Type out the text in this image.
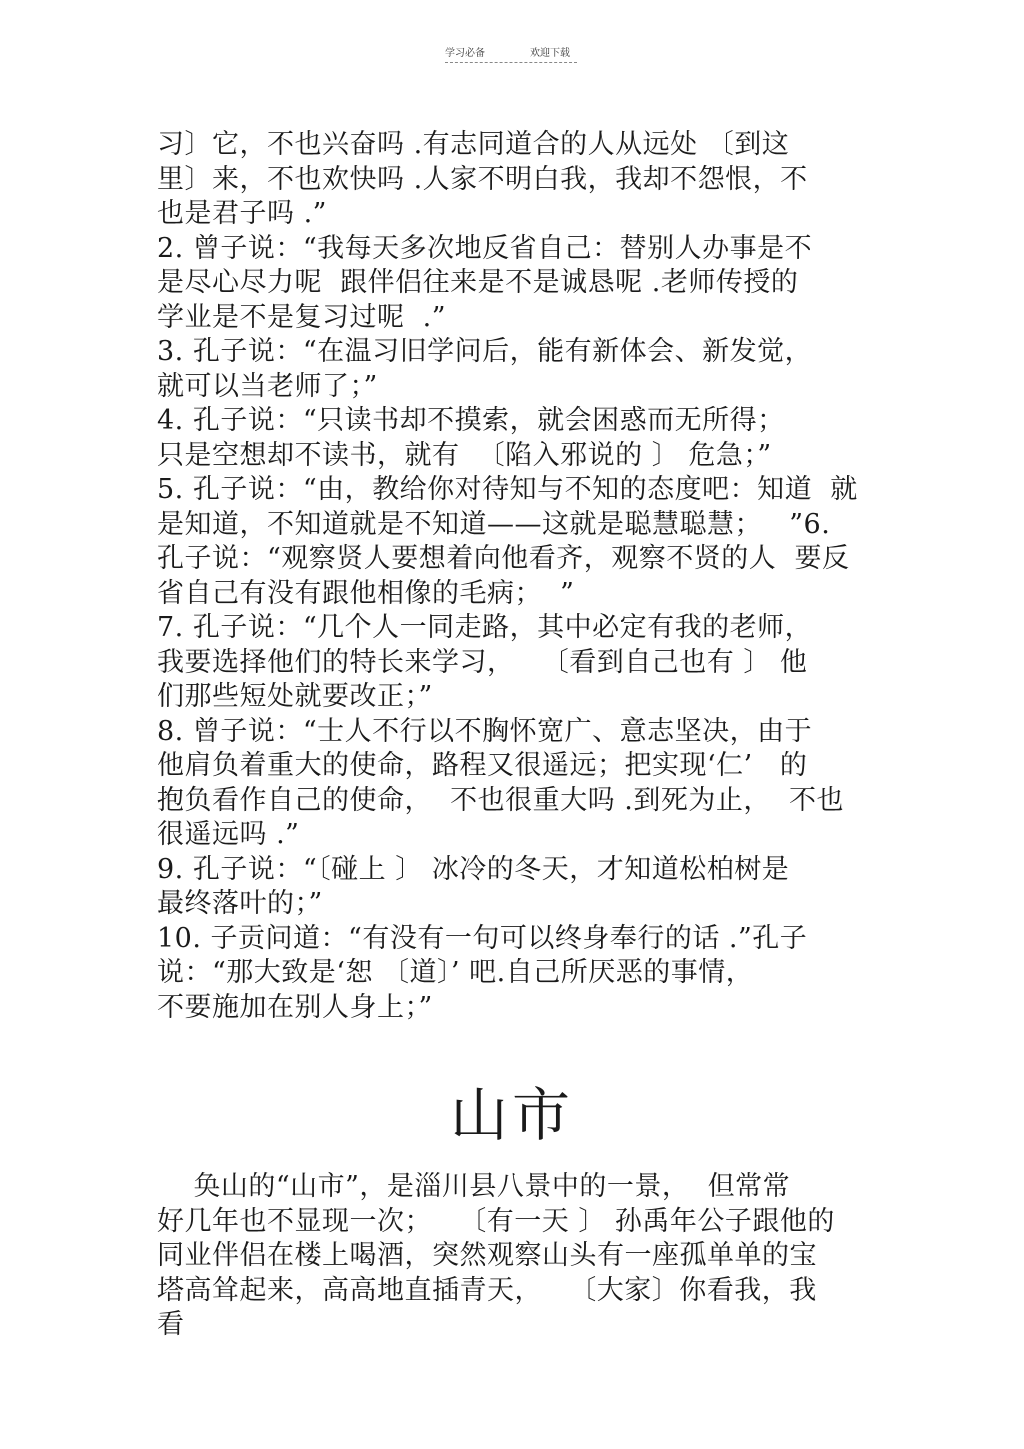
学习必备	欢迎下载
习〕它，不也兴奋吗 .有志同道合的人从远处 〔到这
里〕来，不也欢快吗 .人家不明白我，我却不怨恨，不
也是君子吗 .”
2. 曾子说：“我每天多次地反省自己：替别人办事是不
是尽心尽力呢  跟伴侣往来是不是诚恳呢 .老师传授的
学业是不是复习过呢  .”
3. 孔子说：“在温习旧学问后，能有新体会、新发觉，
就可以当老师了；”
4. 孔子说：“只读书却不摸索，就会困惑而无所得；
只是空想却不读书，就有  〔陷入邪说的 〕 危急；”
5. 孔子说：“由，教给你对待知与不知的态度吧：知道  就
是知道，不知道就是不知道——这就是聪慧聪慧；   ”6.
孔子说：“观察贤人要想着向他看齐，观察不贤的人  要反
省自己有没有跟他相像的毛病；  ”
7. 孔子说：“几个人一同走路，其中必定有我的老师，
我要选择他们的特长来学习，   〔看到自己也有 〕 他
们那些短处就要改正；”
8. 曾子说：“士人不行以不胸怀宽广、意志坚决，由于
他肩负着重大的使命，路程又很遥远；把实现‘仁’   的
抱负看作自己的使命，  不也很重大吗 .到死为止，  不也
很遥远吗 .”
9. 孔子说：“〔碰上 〕 冰冷的冬天，才知道松柏树是
最终落叶的；”
10. 子贡问道：“有没有一句可以终身奉行的话 .”孔子
说：“那大致是‘恕 〔道〕’ 吧.自己所厌恶的事情，
不要施加在别人身上；”
山市
奂山的“山市”，是淄川县八景中的一景，  但常常
好几年也不显现一次；   〔有一天 〕 孙禹年公子跟他的
同业伴侣在楼上喝酒，突然观察山头有一座孤单单的宝
塔高耸起来，高高地直插青天，   〔大家〕你看我，我
看
